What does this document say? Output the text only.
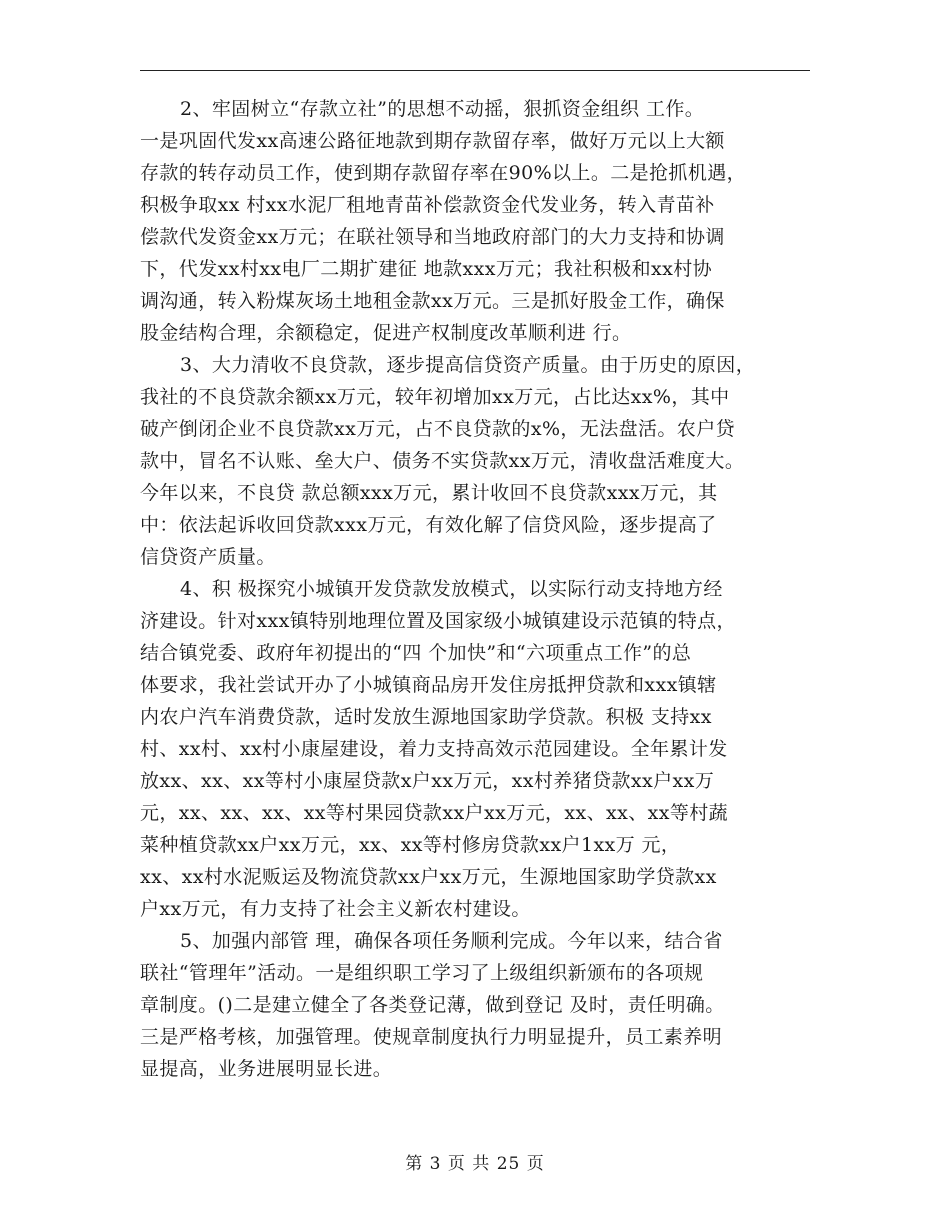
2、牢固树立“存款立社”的思想不动摇，狠抓资金组织 工作。
一是巩固代发xx高速公路征地款到期存款留存率，做好万元以上大额
存款的转存动员工作，使到期存款留存率在90%以上。二是抢抓机遇，
积极争取xx 村xx水泥厂租地青苗补偿款资金代发业务，转入青苗补
偿款代发资金xx万元；在联社领导和当地政府部门的大力支持和协调
下，代发xx村xx电厂二期扩建征 地款xxx万元；我社积极和xx村协
调沟通，转入粉煤灰场土地租金款xx万元。三是抓好股金工作，确保
股金结构合理，余额稳定，促进产权制度改革顺利进 行。
3、大力清收不良贷款，逐步提高信贷资产质量。由于历史的原因，
我社的不良贷款余额xx万元，较年初增加xx万元，占比达xx%，其中
破产倒闭企业不良贷款xx万元，占不良贷款的x%，无法盘活。农户贷
款中，冒名不认账、垒大户、债务不实贷款xx万元，清收盘活难度大。
今年以来，不良贷 款总额xxx万元，累计收回不良贷款xxx万元，其
中：依法起诉收回贷款xxx万元，有效化解了信贷风险，逐步提高了
信贷资产质量。
4、积 极探究小城镇开发贷款发放模式，以实际行动支持地方经
济建设。针对xxx镇特别地理位置及国家级小城镇建设示范镇的特点，
结合镇党委、政府年初提出的“四 个加快”和“六项重点工作”的总
体要求，我社尝试开办了小城镇商品房开发住房抵押贷款和xxx镇辖
内农户汽车消费贷款，适时发放生源地国家助学贷款。积极 支持xx
村、xx村、xx村小康屋建设，着力支持高效示范园建设。全年累计发
放xx、xx、xx等村小康屋贷款x户xx万元，xx村养猪贷款xx户xx万
元，xx、xx、xx、xx等村果园贷款xx户xx万元，xx、xx、xx等村蔬
菜种植贷款xx户xx万元，xx、xx等村修房贷款xx户1xx万 元，
xx、xx村水泥贩运及物流贷款xx户xx万元，生源地国家助学贷款xx
户xx万元，有力支持了社会主义新农村建设。
5、加强内部管 理，确保各项任务顺利完成。今年以来，结合省
联社“管理年”活动。一是组织职工学习了上级组织新颁布的各项规
章制度。()二是建立健全了各类登记薄，做到登记 及时，责任明确。
三是严格考核，加强管理。使规章制度执行力明显提升，员工素养明
显提高，业务进展明显长进。
第 3 页 共 25 页
